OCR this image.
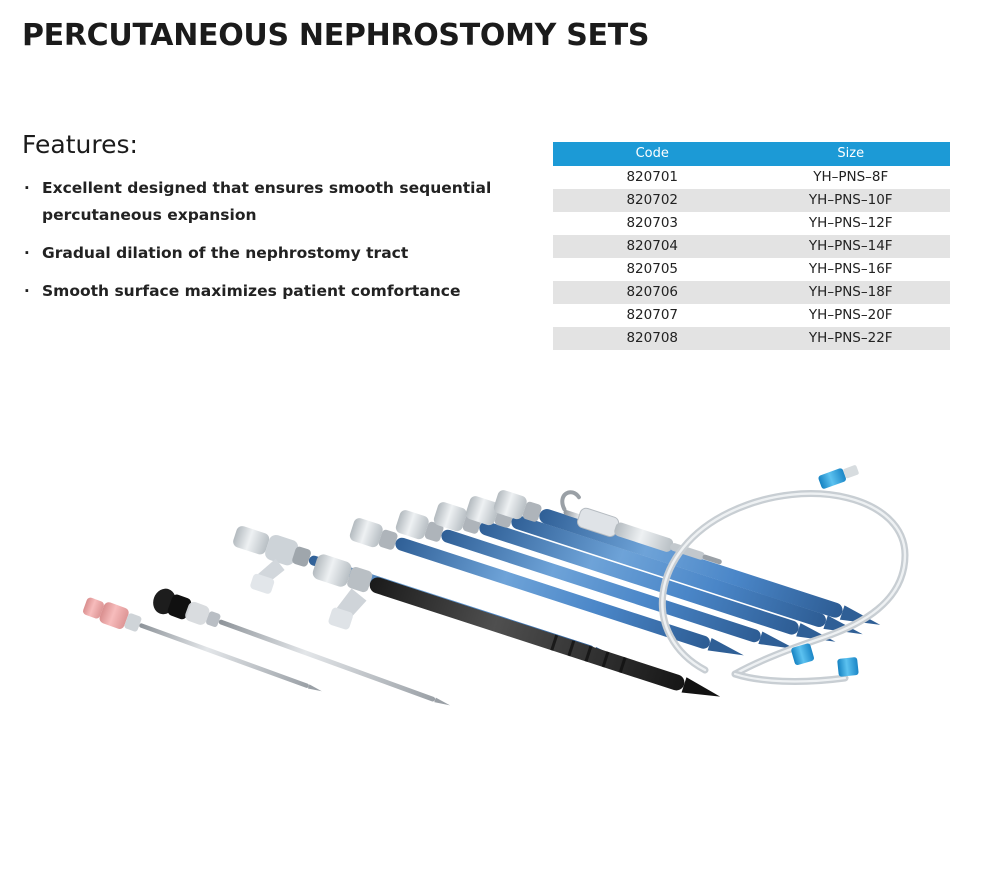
PERCUTANEOUS NEPHROSTOMY SETS
Features:
· Excellent designed that ensures smooth sequential percutaneous expansion
· Gradual dilation of the nephrostomy tract
· Smooth surface maximizes patient comfortance
Code	Size
820701	YH–PNS–8F
820702	YH–PNS–10F
820703	YH–PNS–12F
820704	YH–PNS–14F
820705	YH–PNS–16F
820706	YH–PNS–18F
820707	YH–PNS–20F
820708	YH–PNS–22F
